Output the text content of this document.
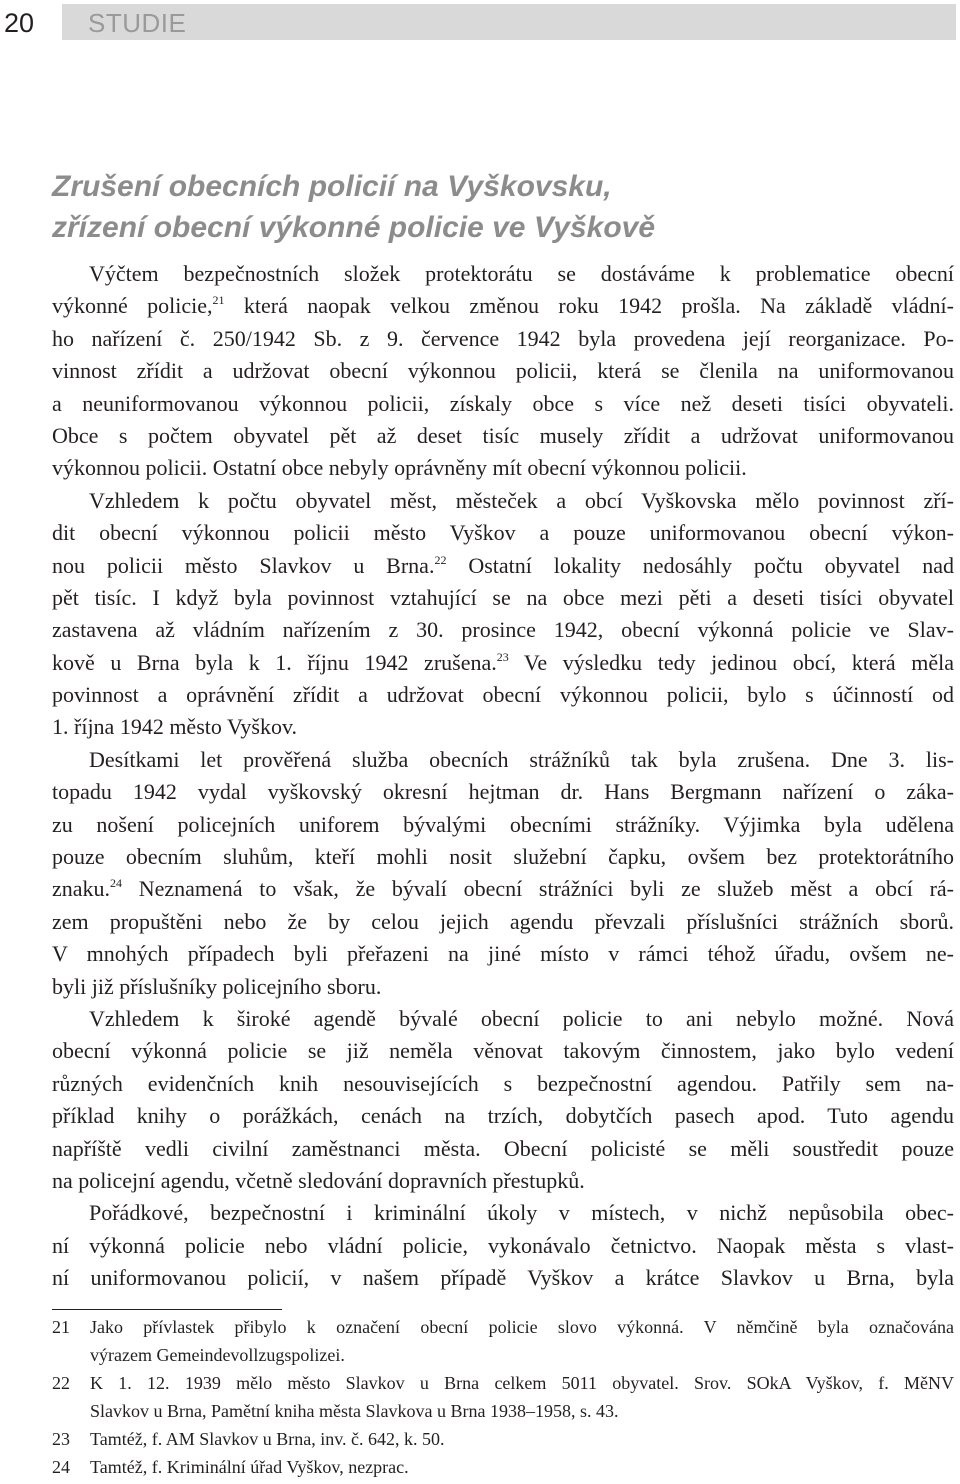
20	STUDIE
Zrušení obecních policií na Vyškovsku,
zřízení obecní výkonné policie ve Vyškově
Výčtem bezpečnostních složek protektorátu se dostáváme k problematice obecní
výkonné policie,$^{21}$ která naopak velkou změnou roku 1942 prošla. Na základě vládní-
ho nařízení č. 250/1942 Sb. z 9. července 1942 byla provedena její reorganizace. Po-
vinnost zřídit a udržovat obecní výkonnou policii, která se členila na uniformovanou
a neuniformovanou výkonnou policii, získaly obce s více než deseti tisíci obyvateli.
Obce s počtem obyvatel pět až deset tisíc musely zřídit a udržovat uniformovanou
výkonnou policii. Ostatní obce nebyly oprávněny mít obecní výkonnou policii.
Vzhledem k počtu obyvatel měst, městeček a obcí Vyškovska mělo povinnost zří-
dit obecní výkonnou policii město Vyškov a pouze uniformovanou obecní výkon-
nou policii město Slavkov u Brna.$^{22}$ Ostatní lokality nedosáhly počtu obyvatel nad
pět tisíc. I když byla povinnost vztahující se na obce mezi pěti a deseti tisíci obyvatel
zastavena až vládním nařízením z 30. prosince 1942, obecní výkonná policie ve Slav-
kově u Brna byla k 1. říjnu 1942 zrušena.$^{23}$ Ve výsledku tedy jedinou obcí, která měla
povinnost a oprávnění zřídit a udržovat obecní výkonnou policii, bylo s účinností od
1. října 1942 město Vyškov.
Desítkami let prověřená služba obecních strážníků tak byla zrušena. Dne 3. lis-
topadu 1942 vydal vyškovský okresní hejtman dr. Hans Bergmann nařízení o záka-
zu nošení policejních uniforem bývalými obecními strážníky. Výjimka byla udělena
pouze obecním sluhům, kteří mohli nosit služební čapku, ovšem bez protektorátního
znaku.$^{24}$ Neznamená to však, že bývalí obecní strážníci byli ze služeb měst a obcí rá-
zem propuštěni nebo že by celou jejich agendu převzali příslušníci strážních sborů.
V mnohých případech byli přeřazeni na jiné místo v rámci téhož úřadu, ovšem ne-
byli již příslušníky policejního sboru.
Vzhledem k široké agendě bývalé obecní policie to ani nebylo možné. Nová
obecní výkonná policie se již neměla věnovat takovým činnostem, jako bylo vedení
různých evidenčních knih nesouvisejících s bezpečnostní agendou. Patřily sem na-
příklad knihy o porážkách, cenách na trzích, dobytčích pasech apod. Tuto agendu
napříště vedli civilní zaměstnanci města. Obecní policisté se měli soustředit pouze
na policejní agendu, včetně sledování dopravních přestupků.
Pořádkové, bezpečnostní i kriminální úkoly v místech, v nichž nepůsobila obec-
ní výkonná policie nebo vládní policie, vykonávalo četnictvo. Naopak města s vlast-
ní uniformovanou policií, v našem případě Vyškov a krátce Slavkov u Brna, byla
21 Jako přívlastek přibylo k označení obecní policie slovo výkonná. V němčině byla označována
výrazem Gemeindevollzugspolizei.
22 K 1. 12. 1939 mělo město Slavkov u Brna celkem 5011 obyvatel. Srov. SOkA Vyškov, f. MěNV
Slavkov u Brna, Pamětní kniha města Slavkova u Brna 1938–1958, s. 43.
23 Tamtéž, f. AM Slavkov u Brna, inv. č. 642, k. 50.
24 Tamtéž, f. Kriminální úřad Vyškov, nezprac.
